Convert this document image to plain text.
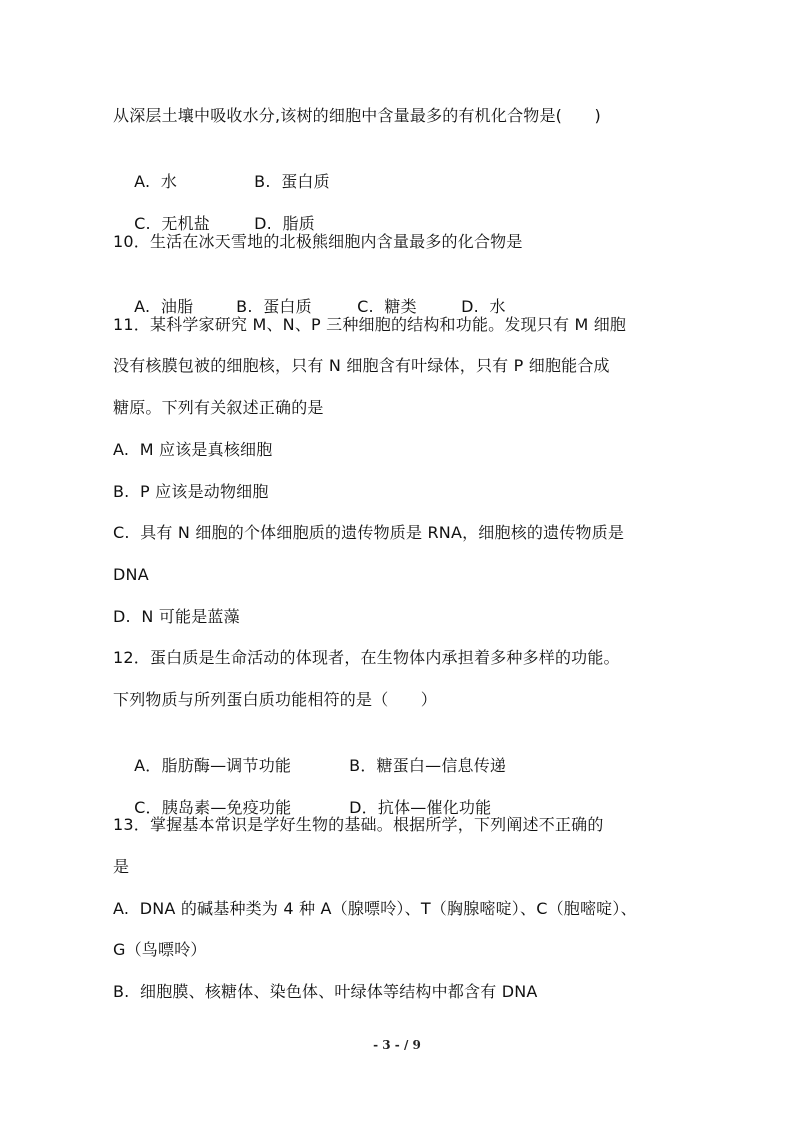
从深层土壤中吸收水分,该树的细胞中含量最多的有机化合物是(　　)

A.  水	B.  蛋白质

C.  无机盐	D.  脂质

10．生活在冰天雪地的北极熊细胞内含量最多的化合物是

A.  油脂	B.  蛋白质	C.  糖类	D.  水

11．某科学家研究 M、N、P 三种细胞的结构和功能。发现只有 M 细胞
没有核膜包被的细胞核，只有 N 细胞含有叶绿体，只有 P 细胞能合成
糖原。下列有关叙述正确的是
A.  M 应该是真核细胞
B.  P 应该是动物细胞
C.  具有 N 细胞的个体细胞质的遗传物质是 RNA，细胞核的遗传物质是
DNA
D.  N 可能是蓝藻
12．蛋白质是生命活动的体现者，在生物体内承担着多种多样的功能。
下列物质与所列蛋白质功能相符的是（　　）

A．脂肪酶—调节功能	B．糖蛋白—信息传递

C．胰岛素—免疫功能	D．抗体—催化功能

13．掌握基本常识是学好生物的基础。根据所学，下列阐述不正确的
是
A.  DNA 的碱基种类为 4 种 A（腺嘌呤）、T（胸腺嘧啶）、C（胞嘧啶）、
G（鸟嘌呤）
B.  细胞膜、核糖体、染色体、叶绿体等结构中都含有 DNA
- 3 - / 9
